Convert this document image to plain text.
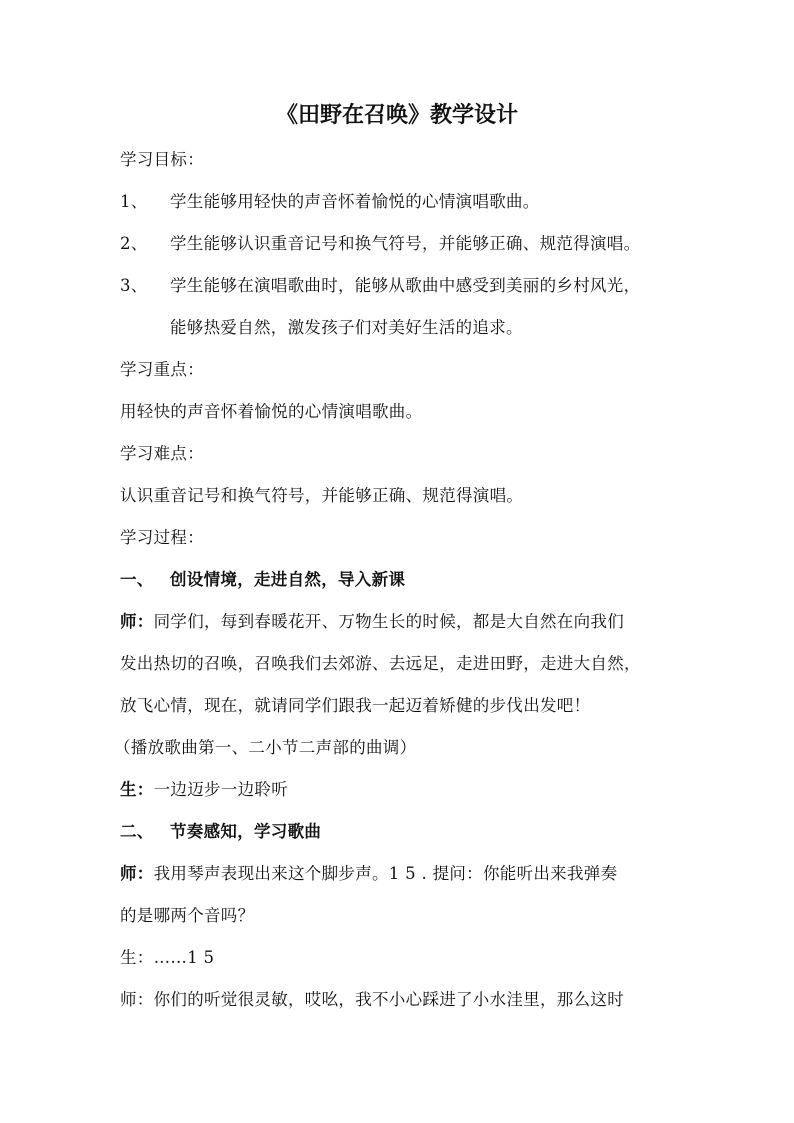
《田野在召唤》教学设计
学习目标：
1、 学生能够用轻快的声音怀着愉悦的心情演唱歌曲。
2、 学生能够认识重音记号和换气符号，并能够正确、规范得演唱。
3、 学生能够在演唱歌曲时，能够从歌曲中感受到美丽的乡村风光，
能够热爱自然，激发孩子们对美好生活的追求。
学习重点：
用轻快的声音怀着愉悦的心情演唱歌曲。
学习难点：
认识重音记号和换气符号，并能够正确、规范得演唱。
学习过程：
一、 创设情境，走进自然，导入新课
师：同学们，每到春暖花开、万物生长的时候，都是大自然在向我们
发出热切的召唤，召唤我们去郊游、去远足，走进田野，走进大自然，
放飞心情，现在，就请同学们跟我一起迈着矫健的步伐出发吧！
（播放歌曲第一、二小节二声部的曲调）
生：一边迈步一边聆听
二、 节奏感知，学习歌曲
师：我用琴声表现出来这个脚步声。1 5 . 提问：你能听出来我弹奏
的是哪两个音吗？
生：……1 5
师：你们的听觉很灵敏，哎吆，我不小心踩进了小水洼里，那么这时
